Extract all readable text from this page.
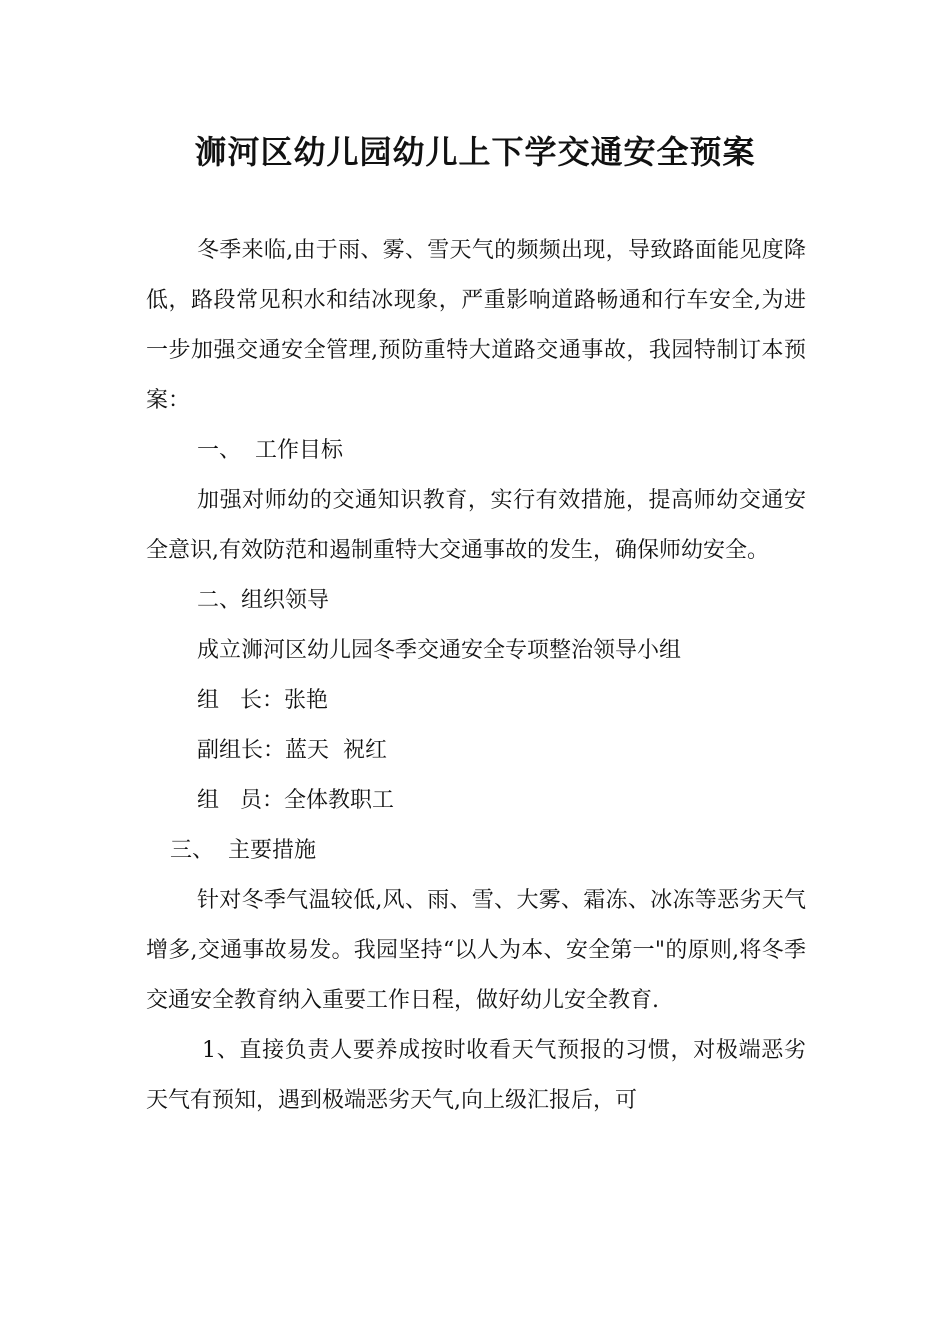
浉河区幼儿园幼儿上下学交通安全预案

冬季来临,由于雨、雾、雪天气的频频出现，导致路面能见度降低，路段常见积水和结冰现象，严重影响道路畅通和行车安全,为进一步加强交通安全管理,预防重特大道路交通事故，我园特制订本预案：

一、  工作目标

加强对师幼的交通知识教育，实行有效措施，提高师幼交通安全意识,有效防范和遏制重特大交通事故的发生，确保师幼安全。

二、组织领导

成立浉河区幼儿园冬季交通安全专项整治领导小组

组   长：张艳

副组长：蓝天  祝红

组   员：全体教职工

三、  主要措施

针对冬季气温较低,风、雨、雪、大雾、霜冻、冰冻等恶劣天气增多,交通事故易发。我园坚持“以人为本、安全第一"的原则,将冬季交通安全教育纳入重要工作日程，做好幼儿安全教育.

1、直接负责人要养成按时收看天气预报的习惯，对极端恶劣天气有预知，遇到极端恶劣天气,向上级汇报后，可
